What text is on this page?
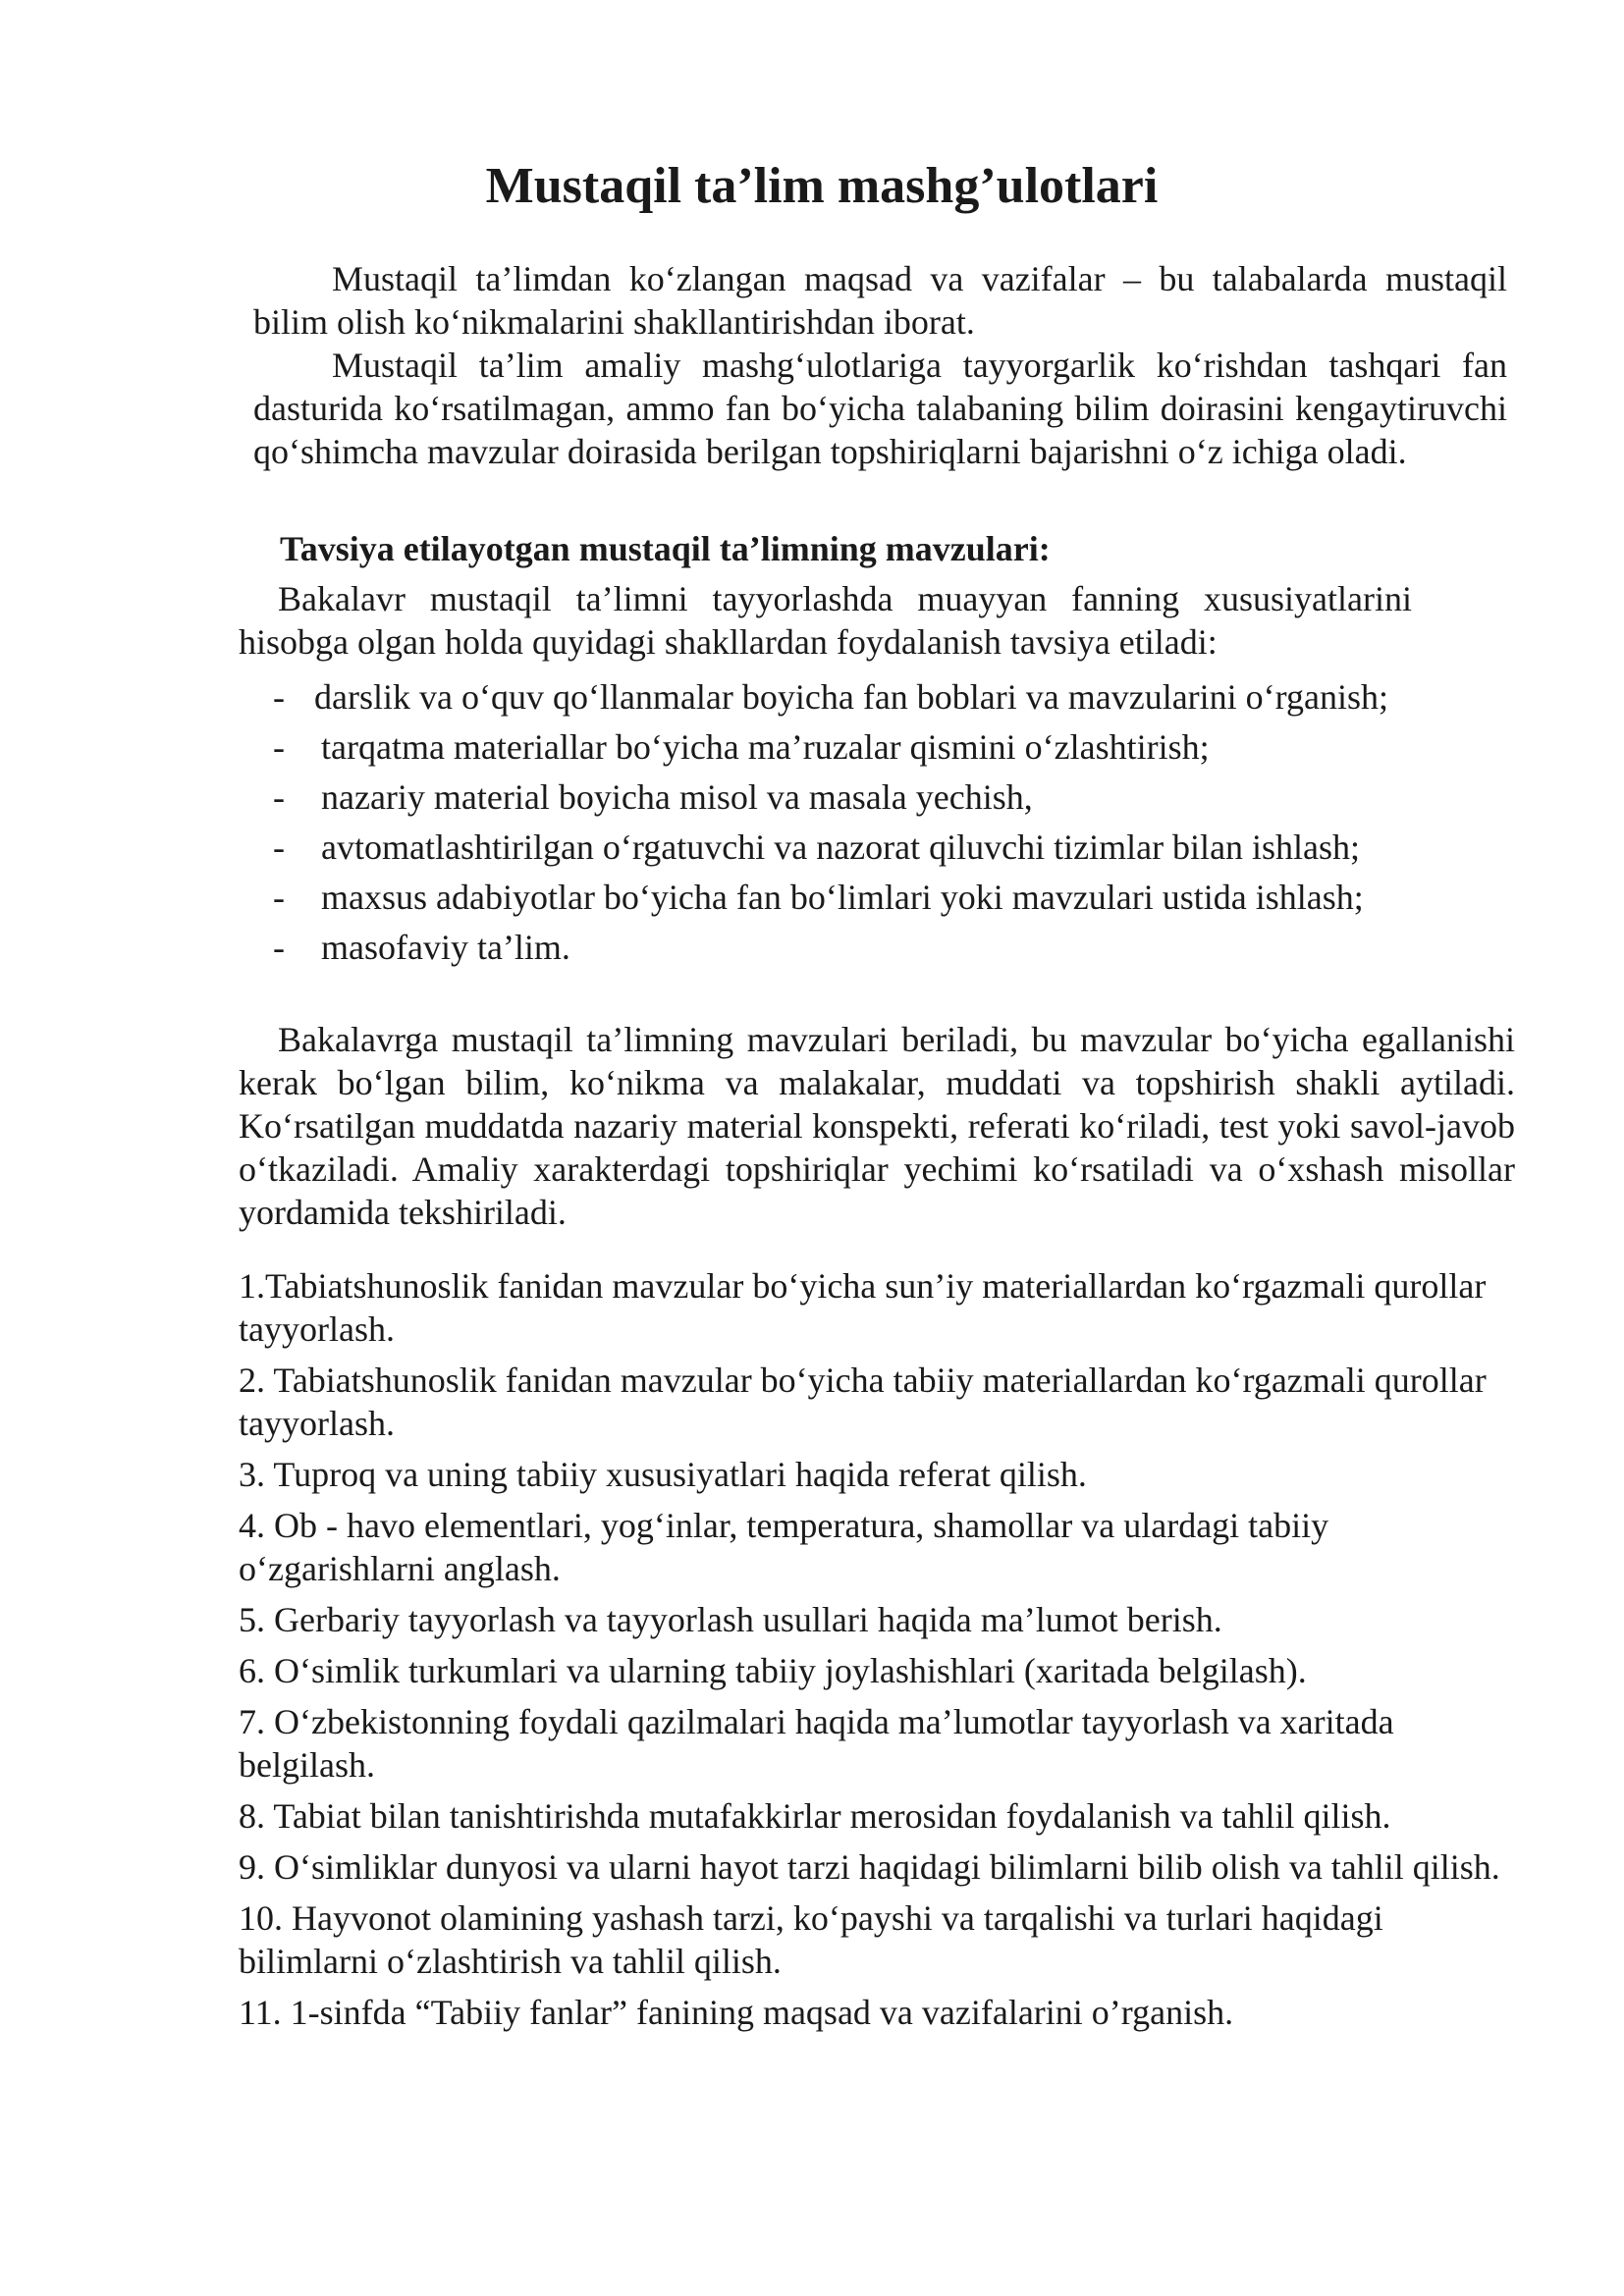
Mustaqil ta’lim mashg’ulotlari

Mustaqil ta’limdan koʻzlangan maqsad va vazifalar – bu talabalarda mustaqil bilim olish koʻnikmalarini shakllantirishdan iborat.

Mustaqil ta’lim amaliy mashgʻulotlariga tayyorgarlik koʻrishdan tashqari fan dasturida koʻrsatilmagan, ammo fan boʻyicha talabaning bilim doirasini kengaytiruvchi qoʻshimcha mavzular doirasida berilgan topshiriqlarni bajarishni oʻz ichiga oladi.

Tavsiya etilayotgan mustaqil ta’limning mavzulari:

Bakalavr mustaqil ta’limni tayyorlashda muayyan fanning xususiyatlarini hisobga olgan holda quyidagi shakllardan foydalanish tavsiya etiladi:

- darslik va oʻquv qoʻllanmalar boyicha fan boblari va mavzularini oʻrganish;
- tarqatma materiallar boʻyicha ma’ruzalar qismini oʻzlashtirish;
- nazariy material boyicha misol va masala yechish,
- avtomatlashtirilgan oʻrgatuvchi va nazorat qiluvchi tizimlar bilan ishlash;
- maxsus adabiyotlar boʻyicha fan boʻlimlari yoki mavzulari ustida ishlash;
- masofaviy ta’lim.

Bakalavrga mustaqil ta’limning mavzulari beriladi, bu mavzular boʻyicha egallanishi kerak boʻlgan bilim, koʻnikma va malakalar, muddati va topshirish shakli aytiladi. Koʻrsatilgan muddatda nazariy material konspekti, referati koʻriladi, test yoki savol-javob oʻtkaziladi. Amaliy xarakterdagi topshiriqlar yechimi koʻrsatiladi va oʻxshash misollar yordamida tekshiriladi.

1.Tabiatshunoslik fanidan mavzular boʻyicha sun’iy materiallardan koʻrgazmali qurollar tayyorlash.
2. Tabiatshunoslik fanidan mavzular boʻyicha tabiiy materiallardan koʻrgazmali qurollar tayyorlash.
3. Tuproq va uning tabiiy xususiyatlari haqida referat qilish.
4. Ob - havo elementlari, yogʻinlar, temperatura, shamollar va ulardagi tabiiy oʻzgarishlarni anglash.
5. Gerbariy tayyorlash va tayyorlash usullari haqida ma’lumot berish.
6. Oʻsimlik turkumlari va ularning tabiiy joylashishlari (xaritada belgilash).
7. Oʻzbekistonning foydali qazilmalari haqida ma’lumotlar tayyorlash va xaritada belgilash.
8. Tabiat bilan tanishtirishda mutafakkirlar merosidan foydalanish va tahlil qilish.
9. Oʻsimliklar dunyosi va ularni hayot tarzi haqidagi bilimlarni bilib olish va tahlil qilish.
10. Hayvonot olamining yashash tarzi, koʻpayshi va tarqalishi va turlari haqidagi bilimlarni oʻzlashtirish va tahlil qilish.
11. 1-sinfda “Tabiiy fanlar” fanining maqsad va vazifalarini o’rganish.
